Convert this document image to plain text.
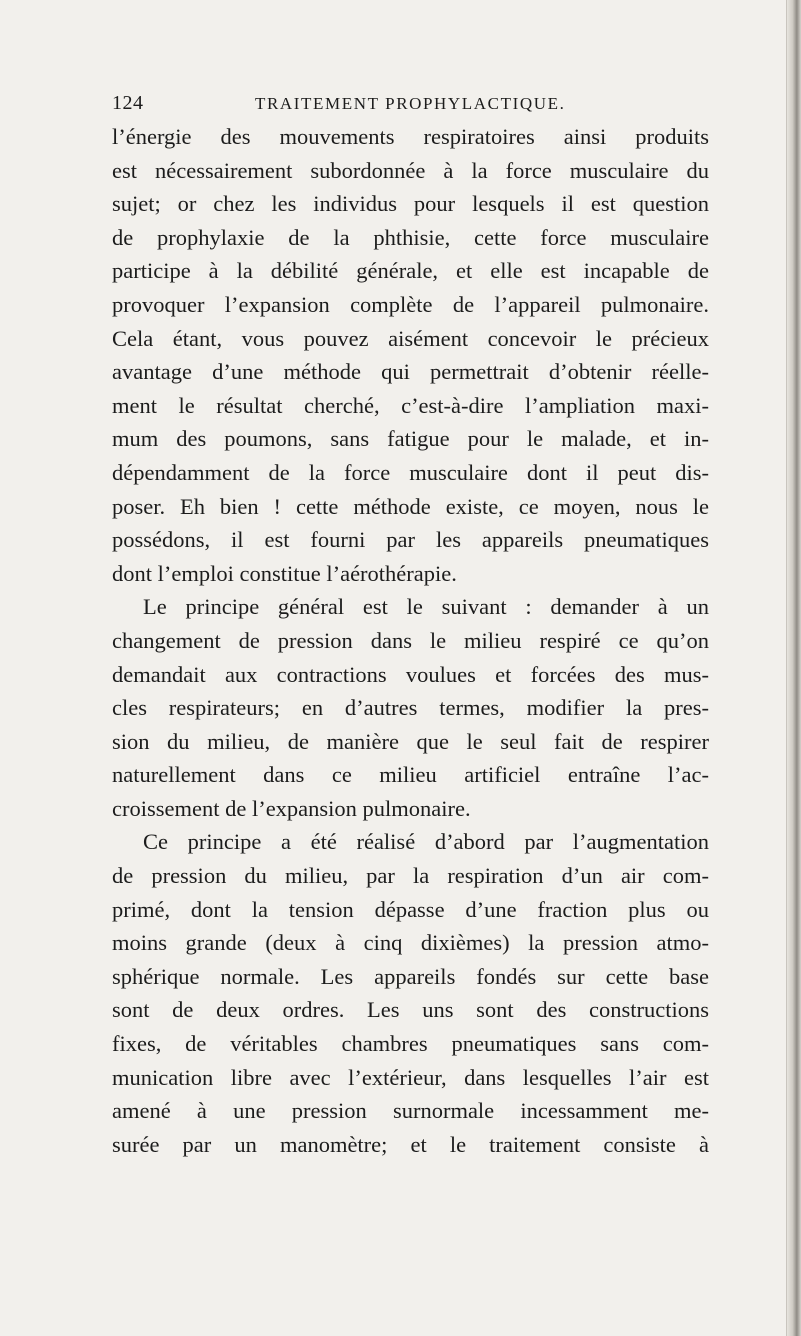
124	TRAITEMENT PROPHYLACTIQUE.
l’énergie des mouvements respiratoires ainsi produits
est nécessairement subordonnée à la force musculaire du
sujet; or chez les individus pour lesquels il est question
de prophylaxie de la phthisie, cette force musculaire
participe à la débilité générale, et elle est incapable de
provoquer l’expansion complète de l’appareil pulmonaire.
Cela étant, vous pouvez aisément concevoir le précieux
avantage d’une méthode qui permettrait d’obtenir réelle-
ment le résultat cherché, c’est-à-dire l’ampliation maxi-
mum des poumons, sans fatigue pour le malade, et in-
dépendamment de la force musculaire dont il peut dis-
poser. Eh bien ! cette méthode existe, ce moyen, nous le
possédons, il est fourni par les appareils pneumatiques
dont l’emploi constitue l’aérothérapie.
Le principe général est le suivant : demander à un
changement de pression dans le milieu respiré ce qu’on
demandait aux contractions voulues et forcées des mus-
cles respirateurs; en d’autres termes, modifier la pres-
sion du milieu, de manière que le seul fait de respirer
naturellement dans ce milieu artificiel entraîne l’ac-
croissement de l’expansion pulmonaire.
Ce principe a été réalisé d’abord par l’augmentation
de pression du milieu, par la respiration d’un air com-
primé, dont la tension dépasse d’une fraction plus ou
moins grande (deux à cinq dixièmes) la pression atmo-
sphérique normale. Les appareils fondés sur cette base
sont de deux ordres. Les uns sont des constructions
fixes, de véritables chambres pneumatiques sans com-
munication libre avec l’extérieur, dans lesquelles l’air est
amené à une pression surnormale incessamment me-
surée par un manomètre; et le traitement consiste à
